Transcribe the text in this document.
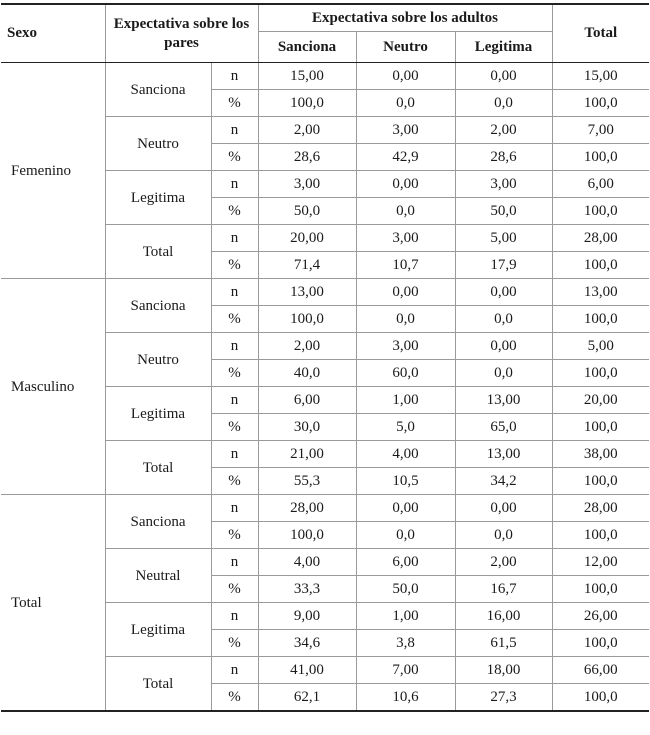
Sexo	Expectativa sobre los pares		Expectativa sobre los adultos			Total
			Sanciona	Neutro	Legitima	
Femenino	Sanciona	n	15,00	0,00	0,00	15,00
		%	100,0	0,0	0,0	100,0
	Neutro	n	2,00	3,00	2,00	7,00
		%	28,6	42,9	28,6	100,0
	Legitima	n	3,00	0,00	3,00	6,00
		%	50,0	0,0	50,0	100,0
	Total	n	20,00	3,00	5,00	28,00
		%	71,4	10,7	17,9	100,0
Masculino	Sanciona	n	13,00	0,00	0,00	13,00
		%	100,0	0,0	0,0	100,0
	Neutro	n	2,00	3,00	0,00	5,00
		%	40,0	60,0	0,0	100,0
	Legitima	n	6,00	1,00	13,00	20,00
		%	30,0	5,0	65,0	100,0
	Total	n	21,00	4,00	13,00	38,00
		%	55,3	10,5	34,2	100,0
Total	Sanciona	n	28,00	0,00	0,00	28,00
		%	100,0	0,0	0,0	100,0
	Neutral	n	4,00	6,00	2,00	12,00
		%	33,3	50,0	16,7	100,0
	Legitima	n	9,00	1,00	16,00	26,00
		%	34,6	3,8	61,5	100,0
	Total	n	41,00	7,00	18,00	66,00
		%	62,1	10,6	27,3	100,0
